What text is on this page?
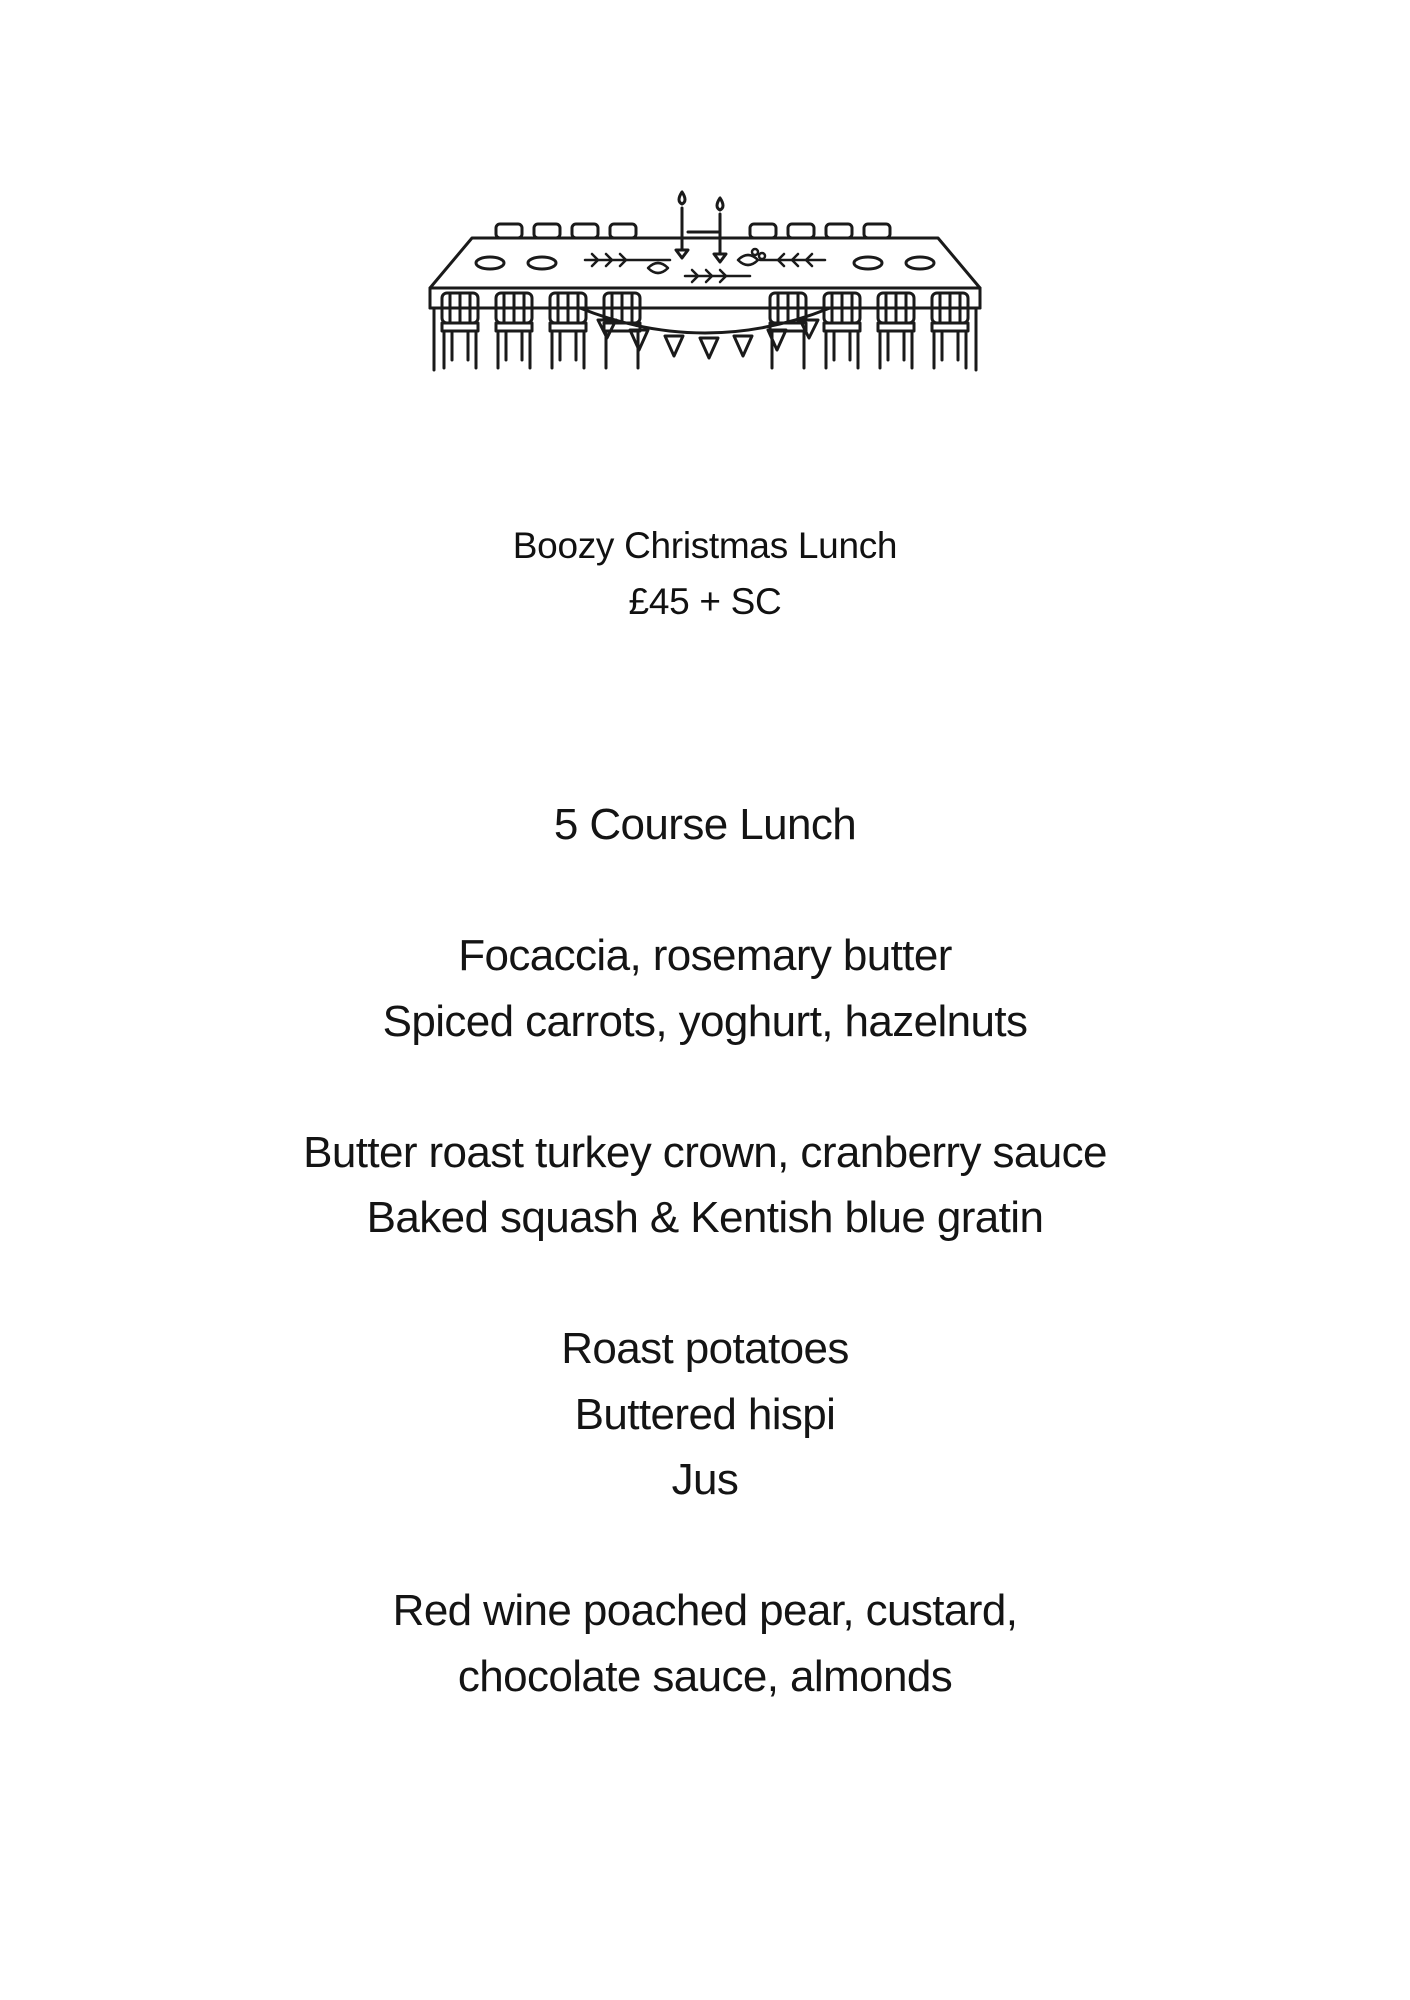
Boozy Christmas Lunch
£45 + SC
5 Course Lunch
Focaccia, rosemary butter
Spiced carrots, yoghurt, hazelnuts
Butter roast turkey crown, cranberry sauce
Baked squash & Kentish blue gratin
Roast potatoes
Buttered hispi
Jus
Red wine poached pear, custard,
chocolate sauce, almonds
